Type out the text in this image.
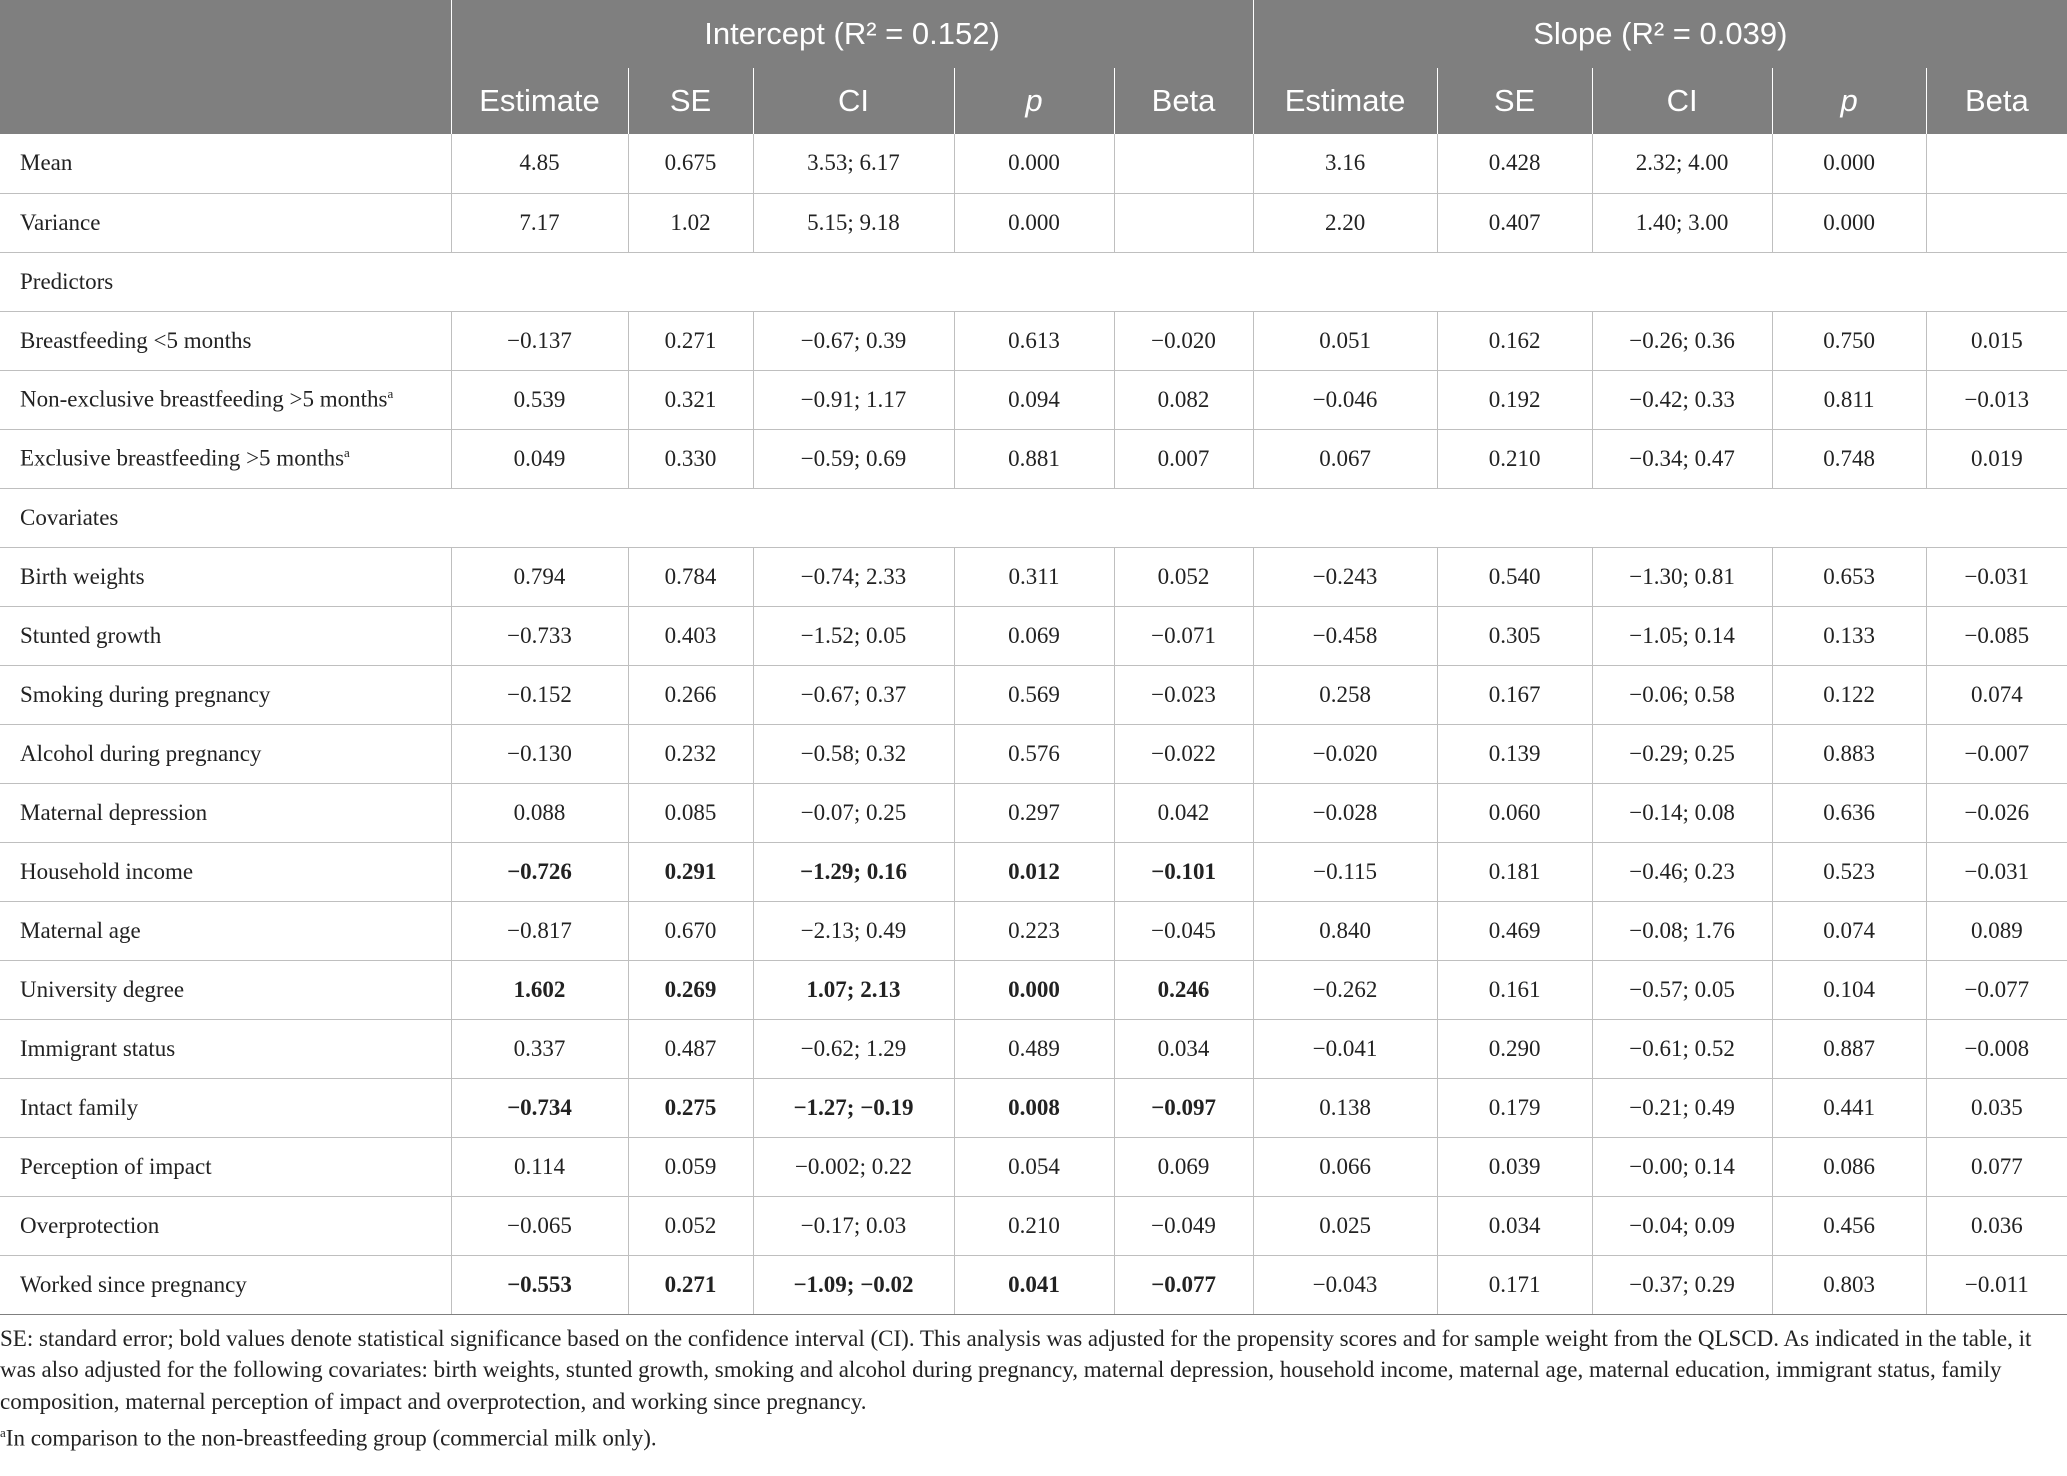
	Intercept (R² = 0.152)					Slope (R² = 0.039)				
	Estimate	SE	CI	p	Beta	Estimate	SE	CI	p	Beta
Mean	4.85	0.675	3.53; 6.17	0.000		3.16	0.428	2.32; 4.00	0.000	
Variance	7.17	1.02	5.15; 9.18	0.000		2.20	0.407	1.40; 3.00	0.000	
Predictors										
Breastfeeding <5 months	−0.137	0.271	−0.67; 0.39	0.613	−0.020	0.051	0.162	−0.26; 0.36	0.750	0.015
Non-exclusive breastfeeding >5 months$^a$	0.539	0.321	−0.91; 1.17	0.094	0.082	−0.046	0.192	−0.42; 0.33	0.811	−0.013
Exclusive breastfeeding >5 months$^a$	0.049	0.330	−0.59; 0.69	0.881	0.007	0.067	0.210	−0.34; 0.47	0.748	0.019
Covariates										
Birth weights	0.794	0.784	−0.74; 2.33	0.311	0.052	−0.243	0.540	−1.30; 0.81	0.653	−0.031
Stunted growth	−0.733	0.403	−1.52; 0.05	0.069	−0.071	−0.458	0.305	−1.05; 0.14	0.133	−0.085
Smoking during pregnancy	−0.152	0.266	−0.67; 0.37	0.569	−0.023	0.258	0.167	−0.06; 0.58	0.122	0.074
Alcohol during pregnancy	−0.130	0.232	−0.58; 0.32	0.576	−0.022	−0.020	0.139	−0.29; 0.25	0.883	−0.007
Maternal depression	0.088	0.085	−0.07; 0.25	0.297	0.042	−0.028	0.060	−0.14; 0.08	0.636	−0.026
Household income	−0.726	0.291	−1.29; 0.16	0.012	−0.101	−0.115	0.181	−0.46; 0.23	0.523	−0.031
Maternal age	−0.817	0.670	−2.13; 0.49	0.223	−0.045	0.840	0.469	−0.08; 1.76	0.074	0.089
University degree	1.602	0.269	1.07; 2.13	0.000	0.246	−0.262	0.161	−0.57; 0.05	0.104	−0.077
Immigrant status	0.337	0.487	−0.62; 1.29	0.489	0.034	−0.041	0.290	−0.61; 0.52	0.887	−0.008
Intact family	−0.734	0.275	−1.27; −0.19	0.008	−0.097	0.138	0.179	−0.21; 0.49	0.441	0.035
Perception of impact	0.114	0.059	−0.002; 0.22	0.054	0.069	0.066	0.039	−0.00; 0.14	0.086	0.077
Overprotection	−0.065	0.052	−0.17; 0.03	0.210	−0.049	0.025	0.034	−0.04; 0.09	0.456	0.036
Worked since pregnancy	−0.553	0.271	−1.09; −0.02	0.041	−0.077	−0.043	0.171	−0.37; 0.29	0.803	−0.011

SE: standard error; bold values denote statistical significance based on the confidence interval (CI). This analysis was adjusted for the propensity scores and for sample weight from the QLSCD. As indicated in the table, it was also adjusted for the following covariates: birth weights, stunted growth, smoking and alcohol during pregnancy, maternal depression, household income, maternal age, maternal education, immigrant status, family composition, maternal perception of impact and overprotection, and working since pregnancy.

$^a$In comparison to the non-breastfeeding group (commercial milk only).
